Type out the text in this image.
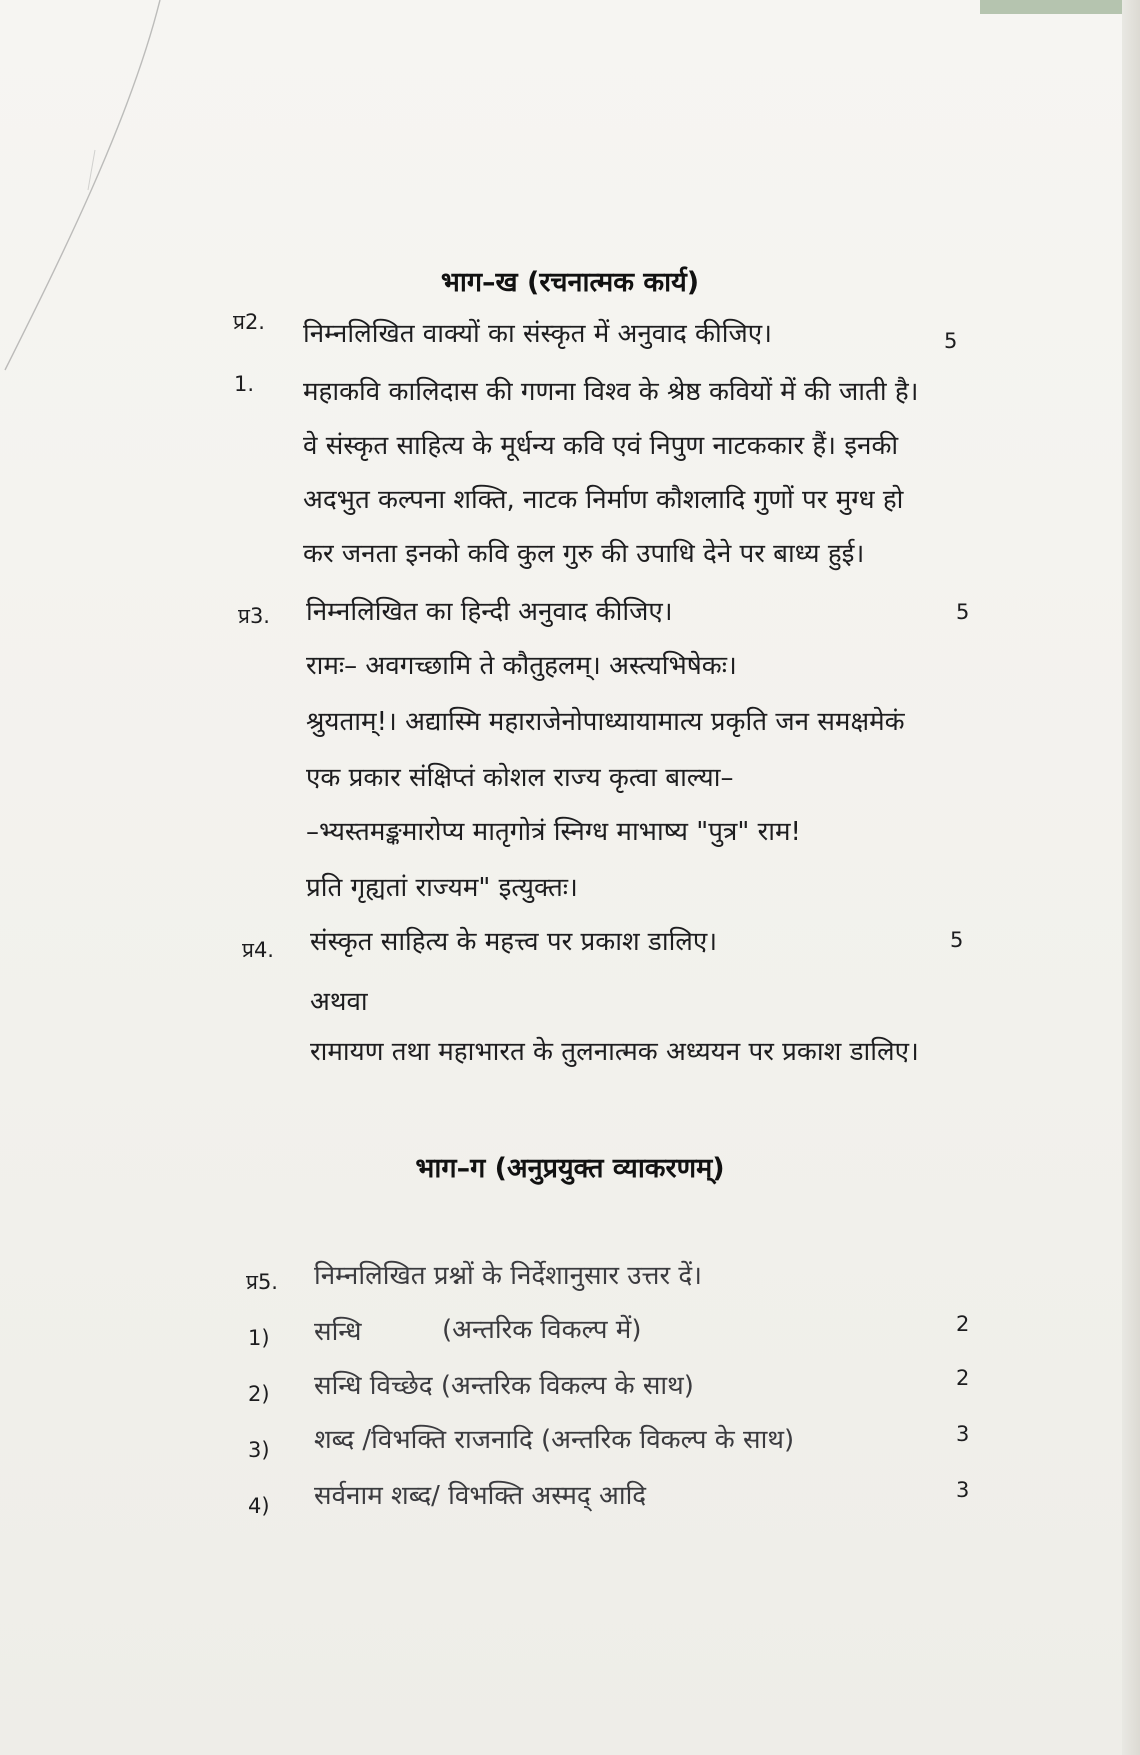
भाग–ख (रचनात्मक कार्य)
प्र2. निम्नलिखित वाक्यों का संस्कृत में अनुवाद कीजिए।	5
1. महाकवि कालिदास की गणना विश्व के श्रेष्ठ कवियों में की जाती है।
वे संस्कृत साहित्य के मूर्धन्य कवि एवं निपुण नाटककार हैं। इनकी
अदभुत कल्पना शक्ति, नाटक निर्माण कौशलादि गुणों पर मुग्ध हो
कर जनता इनको कवि कुल गुरु की उपाधि देने पर बाध्य हुई।
प्र3. निम्नलिखित का हिन्दी अनुवाद कीजिए।	5
रामः– अवगच्छामि ते कौतुहलम्। अस्त्यभिषेकः।
श्रुयताम्!। अद्यास्मि महाराजेनोपाध्यायामात्य प्रकृति जन समक्षमेकं
एक प्रकार संक्षिप्तं कोशल राज्य कृत्वा बाल्या–
–भ्यस्तमङ्कमारोप्य मातृगोत्रं स्निग्ध माभाष्य "पुत्र" राम!
प्रति गृह्यतां राज्यम" इत्युक्तः।
प्र4. संस्कृत साहित्य के महत्त्व पर प्रकाश डालिए।	5
अथवा
रामायण तथा महाभारत के तुलनात्मक अध्ययन पर प्रकाश डालिए।
भाग–ग (अनुप्रयुक्त व्याकरणम्)
प्र5. निम्नलिखित प्रश्नों के निर्देशानुसार उत्तर दें।
1) सन्धि	(अन्तरिक विकल्प में)	2
2) सन्धि विच्छेद (अन्तरिक विकल्प के साथ)	2
3) शब्द /विभक्ति राजनादि (अन्तरिक विकल्प के साथ)	3
4) सर्वनाम शब्द/ विभक्ति अस्मद् आदि	3
